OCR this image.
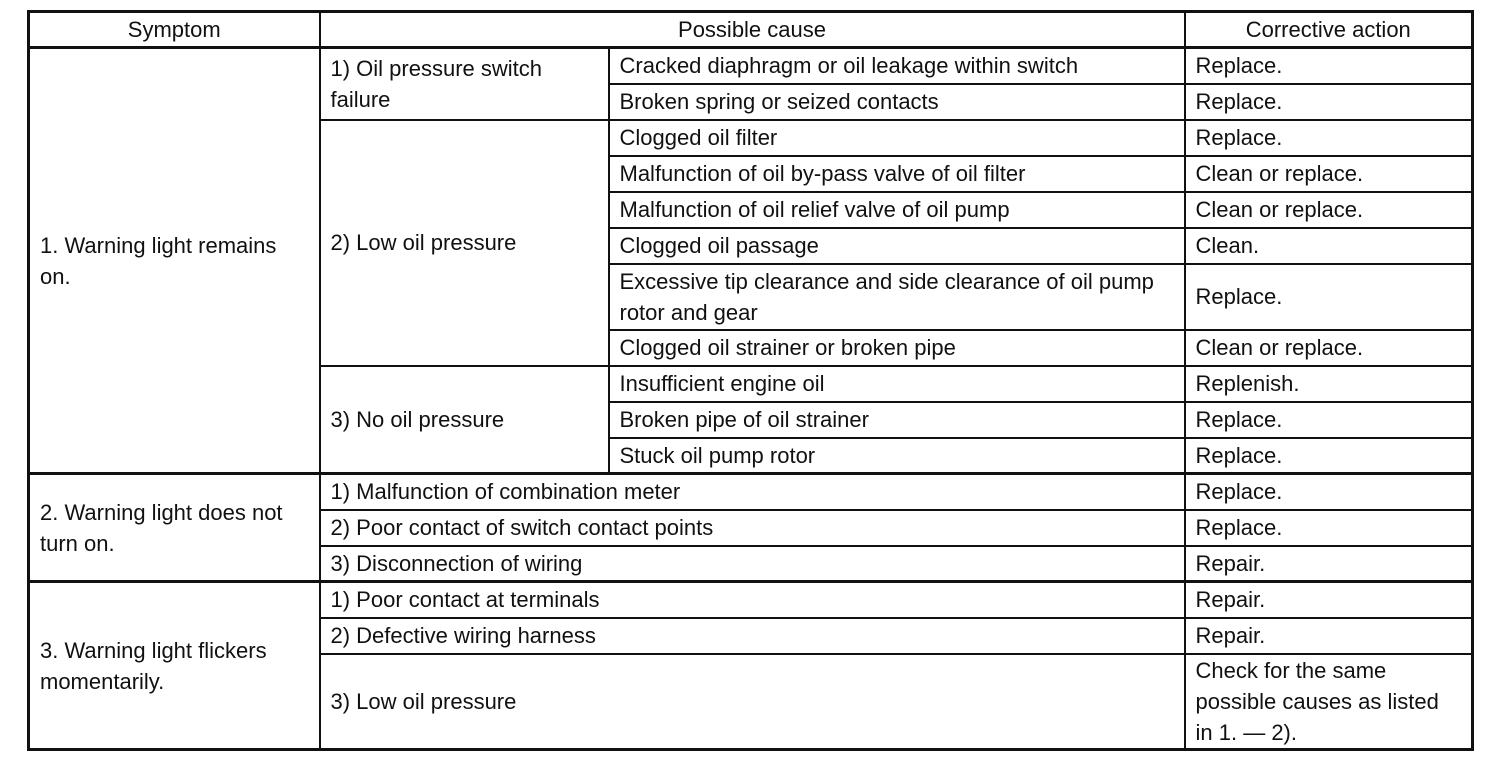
Symptom	Possible cause		Corrective action
1. Warning light remains on.	1) Oil pressure switch failure	Cracked diaphragm or oil leakage within switch	Replace.
		Broken spring or seized contacts	Replace.
	2) Low oil pressure	Clogged oil filter	Replace.
		Malfunction of oil by-pass valve of oil filter	Clean or replace.
		Malfunction of oil relief valve of oil pump	Clean or replace.
		Clogged oil passage	Clean.
		Excessive tip clearance and side clearance of oil pump rotor and gear	Replace.
		Clogged oil strainer or broken pipe	Clean or replace.
	3) No oil pressure	Insufficient engine oil	Replenish.
		Broken pipe of oil strainer	Replace.
		Stuck oil pump rotor	Replace.
2. Warning light does not turn on.	1) Malfunction of combination meter		Replace.
	2) Poor contact of switch contact points		Replace.
	3) Disconnection of wiring		Repair.
3. Warning light flickers momentarily.	1) Poor contact at terminals		Repair.
	2) Defective wiring harness		Repair.
	3) Low oil pressure		Check for the same possible causes as listed in 1. — 2).
